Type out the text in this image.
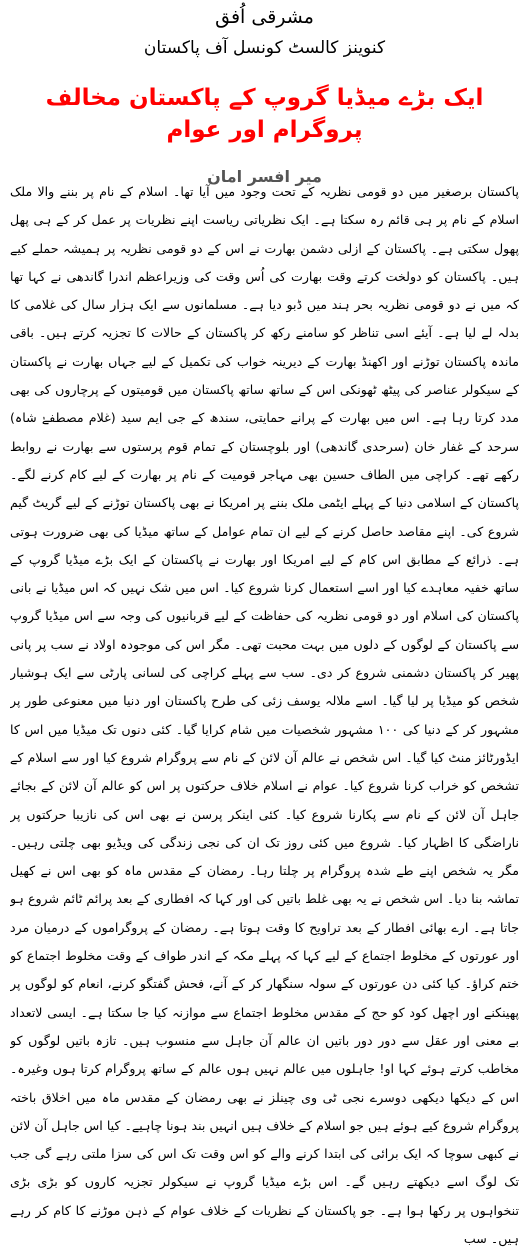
مشرقی اُفق
کنوینز کالسٹ کونسل آف پاکستان
ایک بڑے میڈیا گروپ کے پاکستان مخالف پروگرام اور عوام
میر افسر امان
پاکستان برصغیر میں دو قومی نظریہ کے تحت وجود میں آیا تھا۔ اسلام کے نام پر بننے والا ملک اسلام کے نام پر ہی قائم رہ سکتا ہے۔ ایک نظریاتی ریاست اپنے نظریات پر عمل کر کے ہی پھل پھول سکتی ہے۔ پاکستان کے ازلی دشمن بھارت نے اس کے دو قومی نظریہ پر ہمیشہ حملے کیے ہیں۔ پاکستان کو دولخت کرتے وقت بھارت کی اُس وقت کی وزیراعظم اندرا گاندھی نے کہا تھا کہ میں نے دو قومی نظریہ بحر ہند میں ڈبو دیا ہے۔ مسلمانوں سے ایک ہزار سال کی غلامی کا بدلہ لے لیا ہے۔ آیئے اسی تناظر کو سامنے رکھ کر پاکستان کے حالات کا تجزیہ کرتے ہیں۔ باقی ماندہ پاکستان توڑنے اور اکھنڈ بھارت کے دیرینہ خواب کی تکمیل کے لیے جہاں بھارت نے پاکستان کے سیکولر عناصر کی پیٹھ ٹھونکی اس کے ساتھ ساتھ پاکستان میں قومیتوں کے پرچاروں کی بھی مدد کرتا رہا ہے۔ اس میں بھارت کے پرانے حمایتی، سندھ کے جی ایم سید (غلام مصطفےٰ شاہ) سرحد کے غفار خان (سرحدی گاندھی) اور بلوچستان کے تمام قوم پرستوں سے بھارت نے روابط رکھے تھے۔ کراچی میں الطاف حسین بھی مہاجر قومیت کے نام پر بھارت کے لیے کام کرنے لگے۔ پاکستان کے اسلامی دنیا کے پہلے ایٹمی ملک بننے پر امریکا نے بھی پاکستان توڑنے کے لیے گریٹ گیم شروع کی۔ اپنے مقاصد حاصل کرنے کے لیے ان تمام عوامل کے ساتھ میڈیا کی بھی ضرورت ہوتی ہے۔ ذرائع کے مطابق اس کام کے لیے امریکا اور بھارت نے پاکستان کے ایک بڑے میڈیا گروپ کے ساتھ خفیہ معاہدے کیا اور اسے استعمال کرنا شروع کیا۔ اس میں شک نہیں کہ اس میڈیا نے بانی پاکستان کی اسلام اور دو قومی نظریہ کی حفاظت کے لیے قربانیوں کی وجہ سے اس میڈیا گروپ سے پاکستان کے لوگوں کے دلوں میں بہت محبت تھی۔ مگر اس کی موجودہ اولاد نے سب پر پانی پھیر کر پاکستان دشمنی شروع کر دی۔ سب سے پہلے کراچی کی لسانی پارٹی سے ایک ہوشیار شخص کو میڈیا پر لیا گیا۔ اسے ملالہ یوسف زئی کی طرح پاکستان اور دنیا میں معنوعی طور پر مشہور کر کے دنیا کی ۱۰۰ مشہور شخصیات میں شام کرایا گیا۔ کئی دنوں تک میڈیا میں اس کا ایڈورٹائز منٹ کیا گیا۔ اس شخص نے عالم آن لائن کے نام سے پروگرام شروع کیا اور سے اسلام کے تشخص کو خراب کرنا شروع کیا۔ عوام نے اسلام خلاف حرکتوں پر اس کو عالم آن لائن کے بجائے جاہل آن لائن کے نام سے پکارنا شروع کیا۔ کئی اینکر پرسن نے بھی اس کی نازیبا حرکتوں پر ناراضگی کا اظہار کیا۔ شروع میں کئی روز تک ان کی نجی زندگی کی ویڈیو بھی چلتی رہیں۔ مگر یہ شخص اپنے طے شدہ پروگرام پر چلتا رہا۔ رمضان کے مقدس ماہ کو بھی اس نے کھیل تماشہ بنا دیا۔ اس شخص نے یہ بھی غلط باتیں کی اور کہا کہ افطاری کے بعد پرائم ٹائم شروع ہو جاتا ہے۔ ارے بھائی افطار کے بعد تراویح کا وقت ہوتا ہے۔ رمضان کے پروگراموں کے درمیان مرد اور عورتوں کے مخلوط اجتماع کے لیے کہا کہ پہلے مکہ کے اندر طواف کے وقت مخلوط اجتماع کو ختم کراؤ۔ کیا کئی دن عورتوں کے سولہ سنگھار کر کے آنے، فحش گفتگو کرنے، انعام کو لوگوں پر پھینکنے اور اچھل کود کو حج کے مقدس مخلوط اجتماع سے موازنہ کیا جا سکتا ہے۔ ایسی لاتعداد بے معنی اور عقل سے دور دور باتیں ان عالم آن جاہل سے منسوب ہیں۔ تازہ باتیں لوگوں کو مخاطب کرتے ہوئے کہا او! جاہلوں میں عالم نہیں ہوں عالم کے ساتھ پروگرام کرتا ہوں وغیرہ۔ اس کے دیکھا دیکھی دوسرے نجی ٹی وی چینلز نے بھی رمضان کے مقدس ماہ میں اخلاق باختہ پروگرام شروع کیے ہوئے ہیں جو اسلام کے خلاف ہیں انہیں بند ہونا چاہیے۔ کیا اس جاہل آن لائن نے کبھی سوچا کہ ایک برائی کی ابتدا کرنے والے کو اس وقت تک اس کی سزا ملتی رہے گی جب تک لوگ اسے دیکھتے رہیں گے۔ اس بڑے میڈیا گروپ نے سیکولر تجزیہ کاروں کو بڑی بڑی تنخواہوں پر رکھا ہوا ہے۔ جو پاکستان کے نظریات کے خلاف عوام کے ذہن موڑنے کا کام کر رہے ہیں۔ سب
